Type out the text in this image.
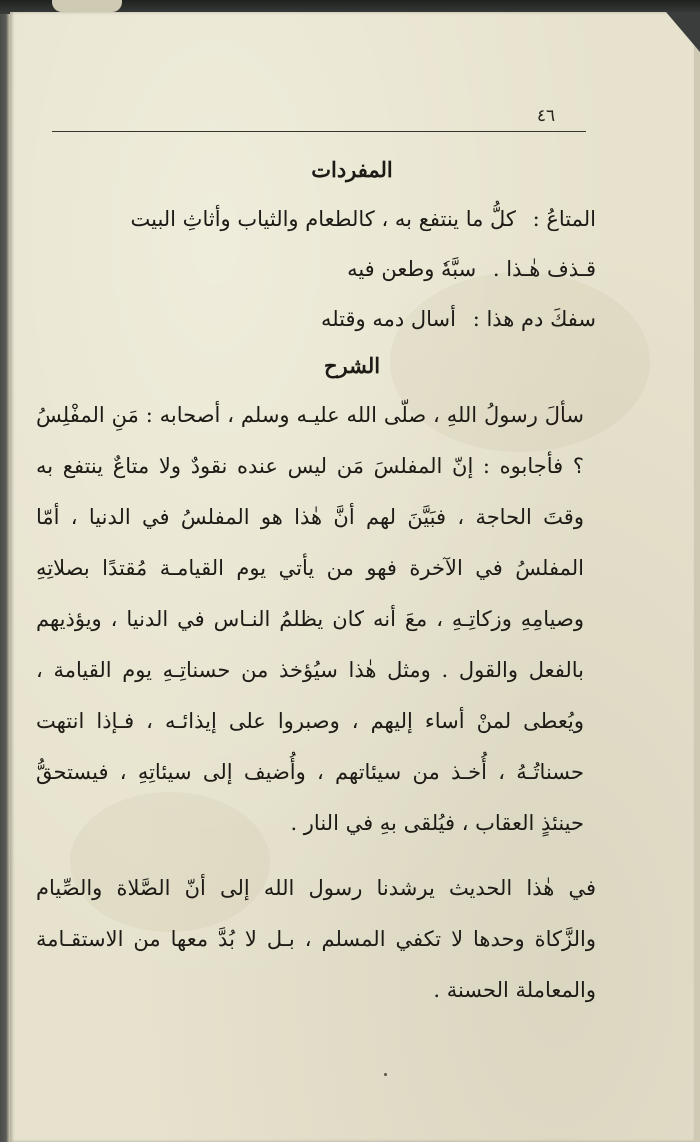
٤٦
المفردات
المتاعُ : كلُّ ما ينتفع به ، كالطعام والثياب وأثاثِ البيت
قـذف هٰـذا . سبَّهٗ وطعن فيه
سفكَ دم هذا : أسال دمه وقتله
الشرح

سألَ رسولُ اللهِ ، صلّى الله عليـه وسلم ، أصحابه : مَنِ المفْلِسُ ؟ فأجابوه : إنّ المفلسَ مَن ليس عنده نقودٌ ولا متاعٌ ينتفع به وقتَ الحاجة ، فبَيَّنَ لهم أنَّ هٰذا هو المفلسُ في الدنيا ، أمّا المفلسُ في الآخرة فهو من يأتي يوم القيامـة مُقتدًا بصلاتِهِ وصيامِهِ وزكاتِـهِ ، معَ أنه كان يظلمُ النـاس في الدنيا ، ويؤذيهم بالفعل والقول . ومثل هٰذا سيُؤخذ من حسناتِـهِ يوم القيامة ، ويُعطى لمنْ أساء إليهم ، وصبروا على إيذائـه ، فـإذا انتهت حسناتُـهُ ، أُخـذ من سيئاتهم ، وأُضيف إلى سيئاتِهِ ، فيستحقُّ حينئذٍ العقاب ، فيُلقى بهِ في النار .

في هٰذا الحديث يرشدنا رسول الله إلى أنّ الصَّلاة والصِّيام والزَّكاة وحدها لا تكفي المسلم ، بـل لا بُدَّ معها من الاستقـامة والمعاملة الحسنة .
